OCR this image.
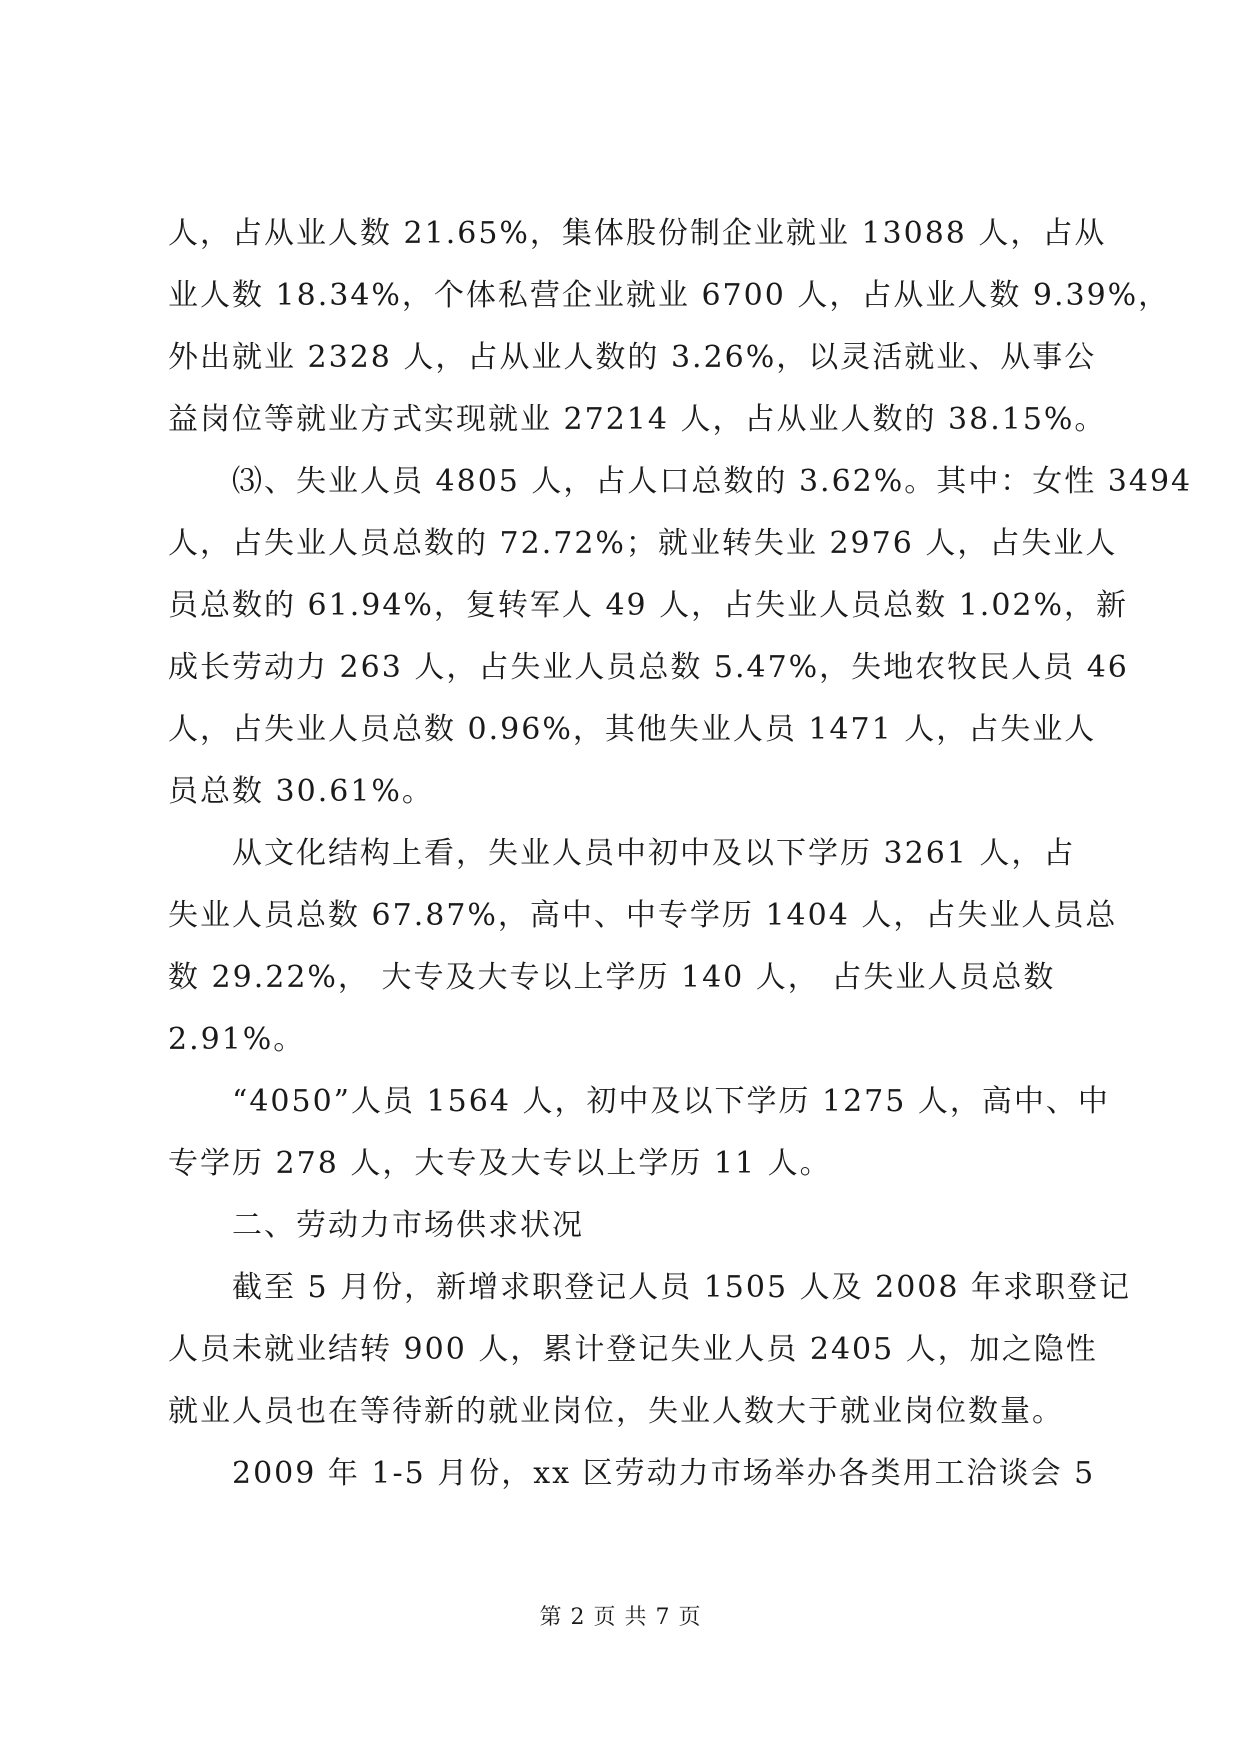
人，占从业人数 21.65%，集体股份制企业就业 13088 人，占从
业人数 18.34%，个体私营企业就业 6700 人，占从业人数 9.39%，
外出就业 2328 人，占从业人数的 3.26%，以灵活就业、从事公
益岗位等就业方式实现就业 27214 人，占从业人数的 38.15%。
⑶、失业人员 4805 人，占人口总数的 3.62%。其中：女性 3494
人，占失业人员总数的 72.72%；就业转失业 2976 人，占失业人
员总数的 61.94%，复转军人 49 人，占失业人员总数 1.02%，新
成长劳动力 263 人，占失业人员总数 5.47%，失地农牧民人员 46
人，占失业人员总数 0.96%，其他失业人员 1471 人，占失业人
员总数 30.61%。
从文化结构上看，失业人员中初中及以下学历 3261 人，占
失业人员总数 67.87%，高中、中专学历 1404 人，占失业人员总
数 29.22%， 大专及大专以上学历 140 人， 占失业人员总数
2.91%。
“4050”人员 1564 人，初中及以下学历 1275 人，高中、中
专学历 278 人，大专及大专以上学历 11 人。
二、劳动力市场供求状况
截至 5 月份，新增求职登记人员 1505 人及 2008 年求职登记
人员未就业结转 900 人，累计登记失业人员 2405 人，加之隐性
就业人员也在等待新的就业岗位，失业人数大于就业岗位数量。
2009 年 1-5 月份，xx 区劳动力市场举办各类用工洽谈会 5
第 2 页 共 7 页
